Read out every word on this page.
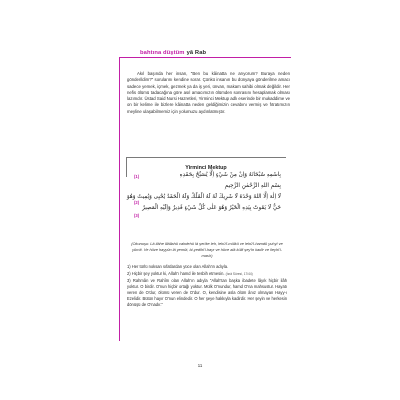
bahtına düştüm yâ Rab

Akıl başında her insan, "Ben bu kâinatta ne arıyorum? Buraya neden gönderildim?" sorularını kendine sorar. Çünkü insanın bu dünyaya gönderilme amacı sadece yemek, içmek, gezmek ya da iş yeri, ünvan, makam sahibi olmak değildir. Her nefis ölümü tadacağına göre asıl amacımızın ölümden sonrasını hesaplamak olması lazımdır. Üstad Said Nursi Hazretleri, Yirminci Mektup adlı eserinde bir mukaddime ve on bir kelime ile bizlere kâinatta neden geldiğimizin cevabını vermiş ve fıtratımızın meyline ulaşabilmemiz için yolumuzu aydınlatmıştır.

Yirminci Mektup

بِاسْمِهِ سُبْحَانَهُ وَاِنْ مِنْ شَيْءٍ اِلَّا يُسَبِّحُ بِحَمْدِهِ

(1)

بِسْمِ اللهِ الرَّحْمٰنِ الرَّحِيمِ

لَا اِلٰهَ اِلَّا اللهُ وَحْدَهُ لَا شَرِيكَ لَهُ لَهُ الْمُلْكُ وَلَهُ الْحَمْدُ يُحْيِى وَيُمِيتُ وَهُوَ

(2)

حَيٌّ لَا يَمُوتُ بِيَدِهِ الْخَيْرُ وَهُوَ عَلٰى كُلِّ شَيْءٍ قَدِيرٌ وَاِلَيْهِ الْمَصِيرُ

(3)

(Okunuşu: Lâ ilâhe illâllahü vahdehû lâ şerîke leh, lehü'l-mülkü ve lehü'l-hamdü yuhyî ve yümît. Ve hüve hayyün lâ yemût, bi-yedihi'l-hayr ve hüve alâ külli şey'in kadîr ve ileyhi'l-masîr)

1) Her türlü noksan sıfatlardan yüce olan Allah'ın adıyla.
2) Hiçbir şey yoktur ki, Allah'ı hamd ile tesbih etmesin. (İsrâ Sûresi, 17/44)
3) Rahmân ve Rahîm olan Allah'ın adıyla "Allah'tan başka ibadete lâyık hiçbir ilâh yoktur. O birdir. O'nun hiçbir ortağı yoktur. Mülk O'nundur, hamd O'na mahsustur. Hayatı veren de O'dur, ölümü veren de O'dur. O, kendisine asla ölüm ânız olmayan Hayy-ı Ezelidir. Bütün hayır O'nun elindedir. O her şeye hakkıyla kadirdir. Her şeyin ve herkesin dönüşü de O'nadır."
11
